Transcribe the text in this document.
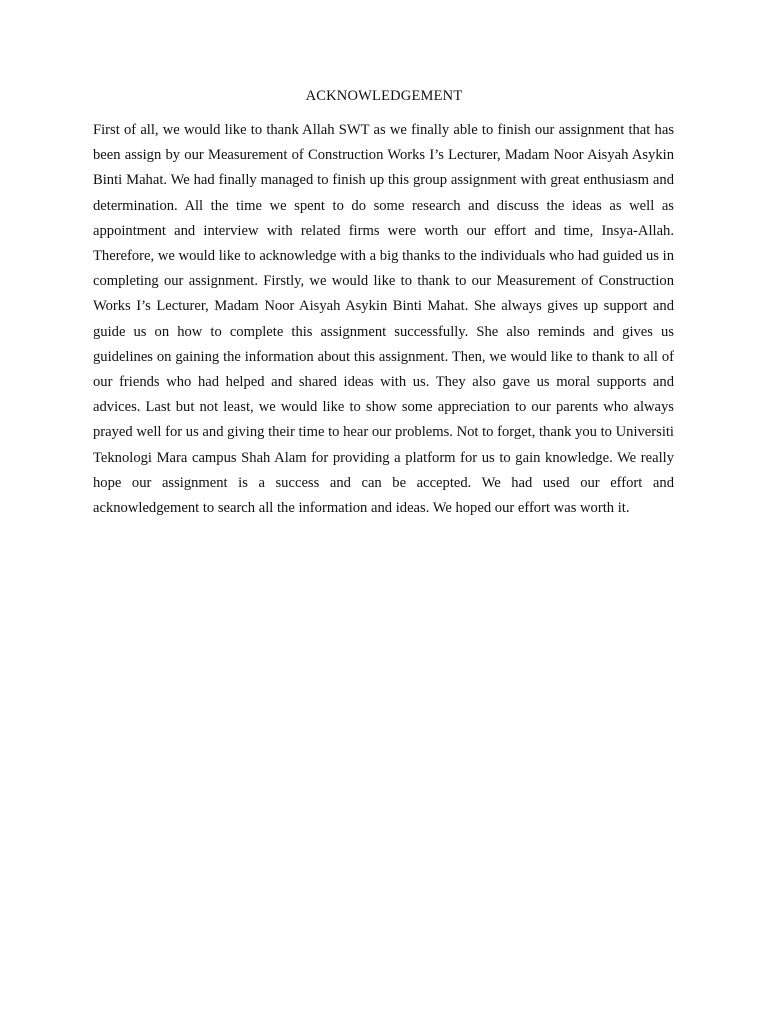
ACKNOWLEDGEMENT

First of all, we would like to thank Allah SWT as we finally able to finish our assignment that has been assign by our Measurement of Construction Works I’s Lecturer, Madam Noor Aisyah Asykin Binti Mahat. We had finally managed to finish up this group assignment with great enthusiasm and determination. All the time we spent to do some research and discuss the ideas as well as appointment and interview with related firms were worth our effort and time, Insya-Allah. Therefore, we would like to acknowledge with a big thanks to the individuals who had guided us in completing our assignment. Firstly, we would like to thank to our Measurement of Construction Works I’s Lecturer, Madam Noor Aisyah Asykin Binti Mahat. She always gives up support and guide us on how to complete this assignment successfully. She also reminds and gives us guidelines on gaining the information about this assignment. Then, we would like to thank to all of our friends who had helped and shared ideas with us. They also gave us moral supports and advices. Last but not least, we would like to show some appreciation to our parents who always prayed well for us and giving their time to hear our problems. Not to forget, thank you to Universiti Teknologi Mara campus Shah Alam for providing a platform for us to gain knowledge. We really hope our assignment is a success and can be accepted. We had used our effort and acknowledgement to search all the information and ideas. We hoped our effort was worth it.
